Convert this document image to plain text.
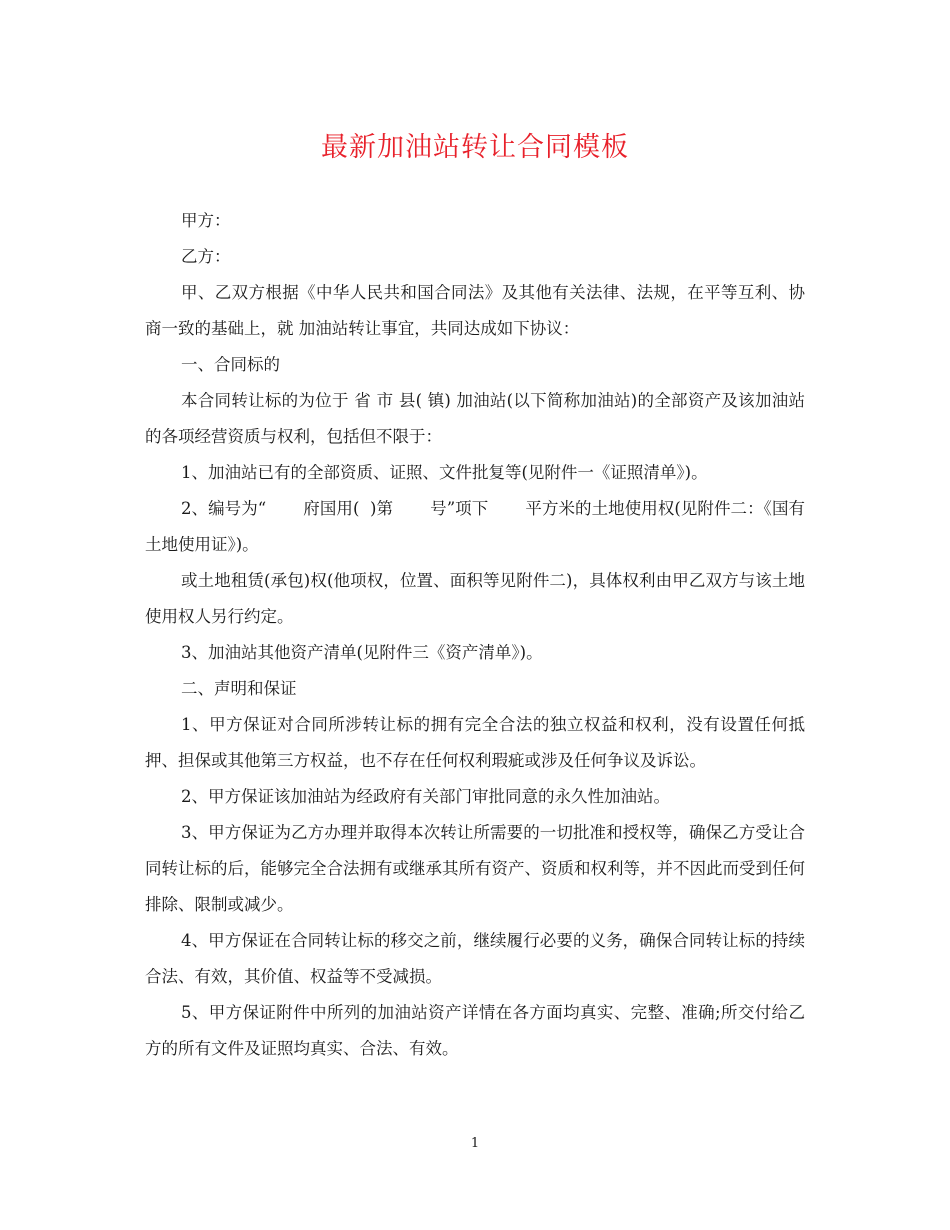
最新加油站转让合同模板

甲方：

乙方：

甲、乙双方根据《中华人民共和国合同法》及其他有关法律、法规，在平等互利、协商一致的基础上，就 加油站转让事宜，共同达成如下协议：

一、合同标的

本合同转让标的为位于 省 市 县( 镇) 加油站(以下简称加油站)的全部资产及该加油站的各项经营资质与权利，包括但不限于：

1、加油站已有的全部资质、证照、文件批复等(见附件一《证照清单》)。

2、编号为“       府国用(  )第       号”项下       平方米的土地使用权(见附件二：《国有土地使用证》)。

或土地租赁(承包)权(他项权，位置、面积等见附件二)，具体权利由甲乙双方与该土地使用权人另行约定。

3、加油站其他资产清单(见附件三《资产清单》)。

二、声明和保证

1、甲方保证对合同所涉转让标的拥有完全合法的独立权益和权利，没有设置任何抵押、担保或其他第三方权益，也不存在任何权利瑕疵或涉及任何争议及诉讼。

2、甲方保证该加油站为经政府有关部门审批同意的永久性加油站。

3、甲方保证为乙方办理并取得本次转让所需要的一切批准和授权等，确保乙方受让合同转让标的后，能够完全合法拥有或继承其所有资产、资质和权利等，并不因此而受到任何排除、限制或减少。

4、甲方保证在合同转让标的移交之前，继续履行必要的义务，确保合同转让标的持续合法、有效，其价值、权益等不受减损。

5、甲方保证附件中所列的加油站资产详情在各方面均真实、完整、准确;所交付给乙方的所有文件及证照均真实、合法、有效。

1
